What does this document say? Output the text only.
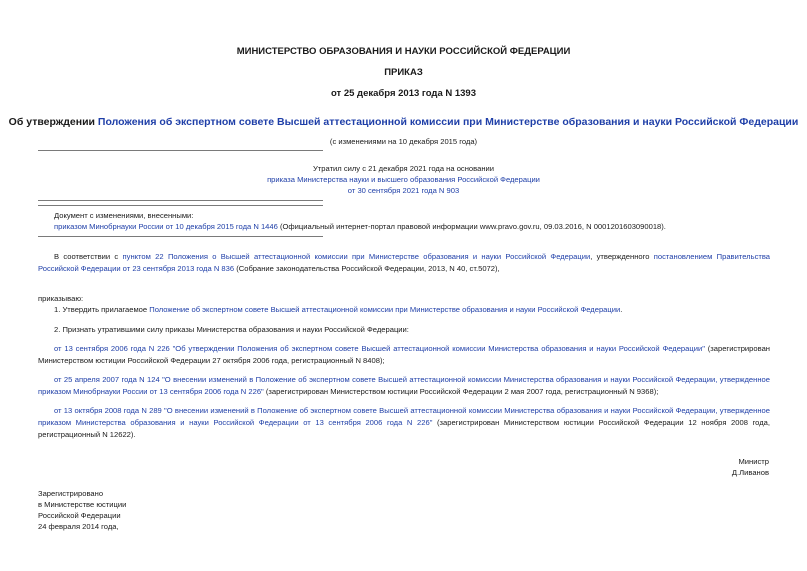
МИНИСТЕРСТВО ОБРАЗОВАНИЯ И НАУКИ РОССИЙСКОЙ ФЕДЕРАЦИИ
ПРИКАЗ
от 25 декабря 2013 года N 1393
Об утверждении Положения об экспертном совете Высшей аттестационной комиссии при Министерстве образования и науки Российской Федерации
(с изменениями на 10 декабря 2015 года)
Утратил силу с 21 декабря 2021 года на основании
приказа Министерства науки и высшего образования Российской Федерации
от 30 сентября 2021 года N 903
Документ с изменениями, внесенными:
приказом Минобрнауки России от 10 декабря 2015 года N 1446 (Официальный интернет-портал правовой информации www.pravo.gov.ru, 09.03.2016, N 0001201603090018).
В соответствии с пунктом 22 Положения о Высшей аттестационной комиссии при Министерстве образования и науки Российской Федерации, утвержденного постановлением Правительства Российской Федерации от 23 сентября 2013 года N 836 (Собрание законодательства Российской Федерации, 2013, N 40, ст.5072),
приказываю:
1. Утвердить прилагаемое Положение об экспертном совете Высшей аттестационной комиссии при Министерстве образования и науки Российской Федерации.
2. Признать утратившими силу приказы Министерства образования и науки Российской Федерации:
от 13 сентября 2006 года N 226 "Об утверждении Положения об экспертном совете Высшей аттестационной комиссии Министерства образования и науки Российской Федерации" (зарегистрирован Министерством юстиции Российской Федерации 27 октября 2006 года, регистрационный N 8408);
от 25 апреля 2007 года N 124 "О внесении изменений в Положение об экспертном совете Высшей аттестационной комиссии Министерства образования и науки Российской Федерации, утвержденное приказом Минобрнауки России от 13 сентября 2006 года N 226" (зарегистрирован Министерством юстиции Российской Федерации 2 мая 2007 года, регистрационный N 9368);
от 13 октября 2008 года N 289 "О внесении изменений в Положение об экспертном совете Высшей аттестационной комиссии Министерства образования и науки Российской Федерации, утвержденное приказом Министерства образования и науки Российской Федерации от 13 сентября 2006 года N 226" (зарегистрирован Министерством юстиции Российской Федерации 12 ноября 2008 года, регистрационный N 12622).
Министр
Д.Ливанов
Зарегистрировано
в Министерстве юстиции
Российской Федерации
24 февраля 2014 года,
